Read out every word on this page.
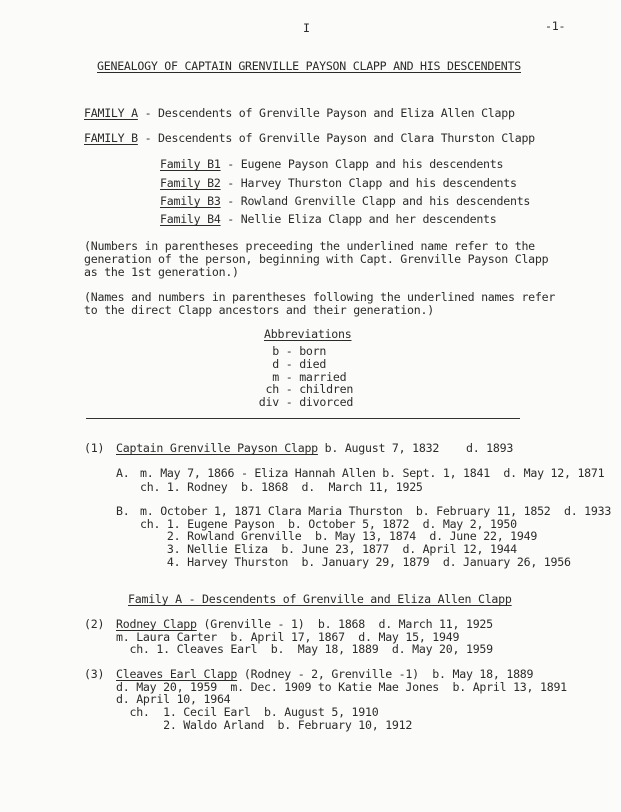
I	-1-
GENEALOGY OF CAPTAIN GRENVILLE PAYSON CLAPP AND HIS DESCENDENTS
FAMILY A - Descendents of Grenville Payson and Eliza Allen Clapp
FAMILY B - Descendents of Grenville Payson and Clara Thurston Clapp
Family B1 - Eugene Payson Clapp and his descendents
Family B2 - Harvey Thurston Clapp and his descendents
Family B3 - Rowland Grenville Clapp and his descendents
Family B4 - Nellie Eliza Clapp and her descendents
(Numbers in parentheses preceeding the underlined name refer to the
generation of the person, beginning with Capt. Grenville Payson Clapp
as the 1st generation.)
(Names and numbers in parentheses following the underlined names refer
to the direct Clapp ancestors and their generation.)
Abbreviations
b - born
d - died
m - married
ch - children
div - divorced
(1) Captain Grenville Payson Clapp b. August 7, 1832    d. 1893
A. m. May 7, 1866 - Eliza Hannah Allen b. Sept. 1, 1841  d. May 12, 1871
ch. 1. Rodney  b. 1868  d.  March 11, 1925
B. m. October 1, 1871 Clara Maria Thurston  b. February 11, 1852  d. 1933
ch. 1. Eugene Payson  b. October 5, 1872  d. May 2, 1950
2. Rowland Grenville  b. May 13, 1874  d. June 22, 1949
3. Nellie Eliza  b. June 23, 1877  d. April 12, 1944
4. Harvey Thurston  b. January 29, 1879  d. January 26, 1956
Family A - Descendents of Grenville and Eliza Allen Clapp
(2) Rodney Clapp (Grenville - 1)  b. 1868  d. March 11, 1925
m. Laura Carter  b. April 17, 1867  d. May 15, 1949
ch. 1. Cleaves Earl  b.  May 18, 1889  d. May 20, 1959
(3) Cleaves Earl Clapp (Rodney - 2, Grenville -1)  b. May 18, 1889
d. May 20, 1959  m. Dec. 1909 to Katie Mae Jones  b. April 13, 1891
d. April 10, 1964
ch.  1. Cecil Earl  b. August 5, 1910
2. Waldo Arland  b. February 10, 1912
